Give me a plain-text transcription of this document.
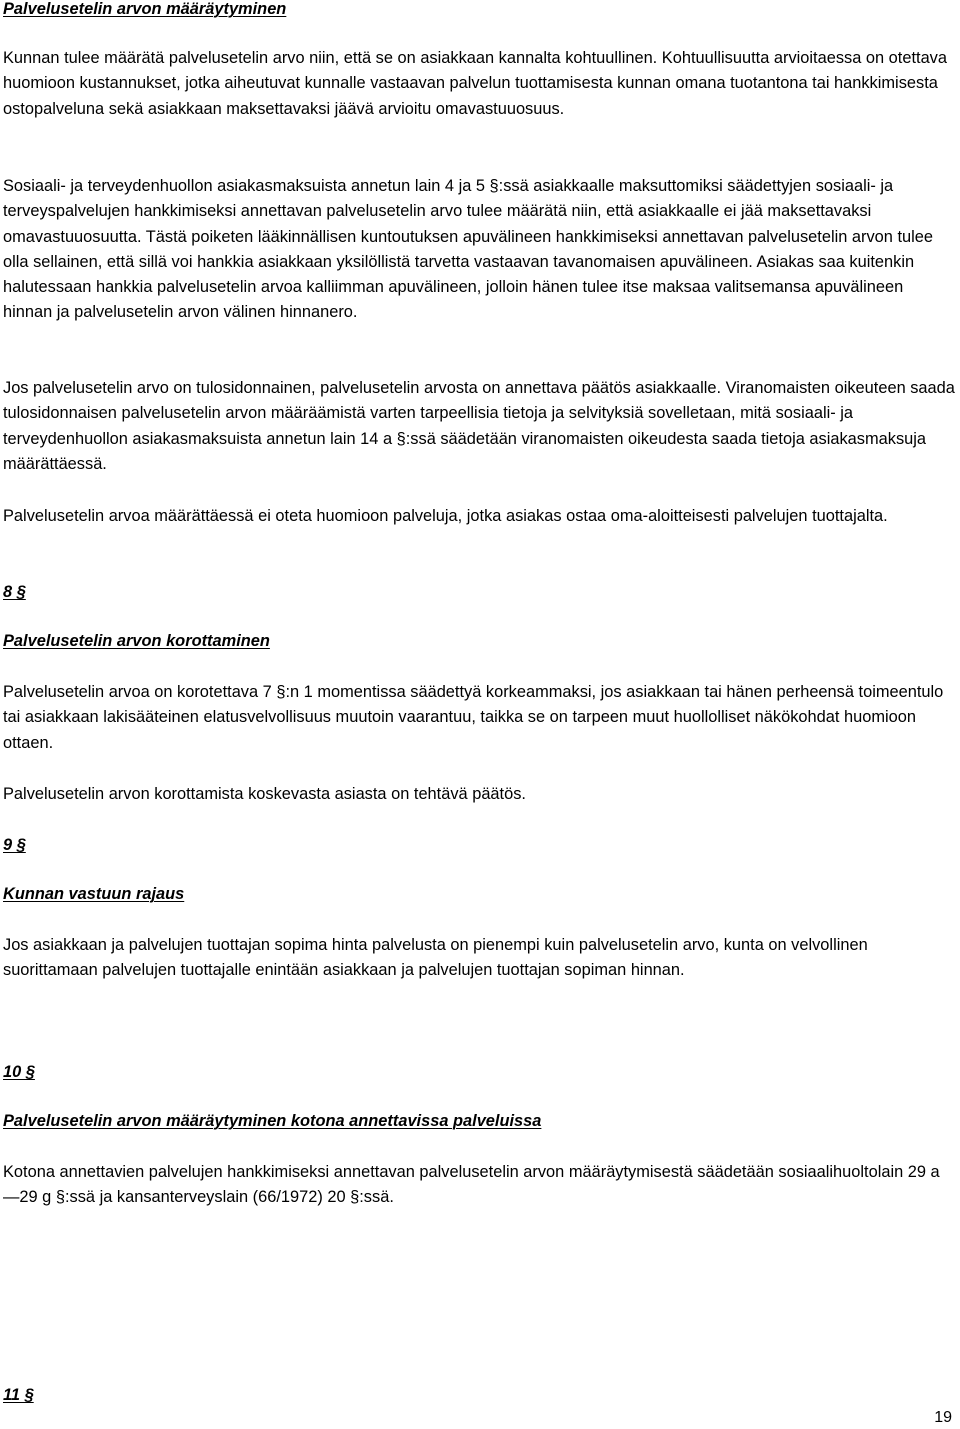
Palvelusetelin arvon määräytyminen

Kunnan tulee määrätä palvelusetelin arvo niin, että se on asiakkaan kannalta kohtuullinen. Kohtuullisuutta arvioitaessa on otettava huomioon kustannukset, jotka aiheutuvat kunnalle vastaavan palvelun tuottamisesta kunnan omana tuotantona tai hankkimisesta ostopalveluna sekä asiakkaan maksettavaksi jäävä arvioitu omavastuuosuus.

Sosiaali- ja terveydenhuollon asiakasmaksuista annetun lain 4 ja 5 §:ssä asiakkaalle maksuttomiksi säädettyjen sosiaali- ja terveyspalvelujen hankkimiseksi annettavan palvelusetelin arvo tulee määrätä niin, että asiakkaalle ei jää maksettavaksi omavastuuosuutta. Tästä poiketen lääkinnällisen kuntoutuksen apuvälineen hankkimiseksi annettavan palvelusetelin arvon tulee olla sellainen, että sillä voi hankkia asiakkaan yksilöllistä tarvetta vastaavan tavanomaisen apuvälineen. Asiakas saa kuitenkin halutessaan hankkia palvelusetelin arvoa kalliimman apuvälineen, jolloin hänen tulee itse maksaa valitsemansa apuvälineen hinnan ja palvelusetelin arvon välinen hinnanero.

Jos palvelusetelin arvo on tulosidonnainen, palvelusetelin arvosta on annettava päätös asiakkaalle. Viranomaisten oikeuteen saada tulosidonnaisen palvelusetelin arvon määräämistä varten tarpeellisia tietoja ja selvityksiä sovelletaan, mitä sosiaali- ja terveydenhuollon asiakasmaksuista annetun lain 14 a §:ssä säädetään viranomaisten oikeudesta saada tietoja asiakasmaksuja määrättäessä.

Palvelusetelin arvoa määrättäessä ei oteta huomioon palveluja, jotka asiakas ostaa oma-aloitteisesti palvelujen tuottajalta.

8 §

Palvelusetelin arvon korottaminen

Palvelusetelin arvoa on korotettava 7 §:n 1 momentissa säädettyä korkeammaksi, jos asiakkaan tai hänen perheensä toimeentulo tai asiakkaan lakisääteinen elatusvelvollisuus muutoin vaarantuu, taikka se on tarpeen muut huollolliset näkökohdat huomioon ottaen.

Palvelusetelin arvon korottamista koskevasta asiasta on tehtävä päätös.

9 §

Kunnan vastuun rajaus

Jos asiakkaan ja palvelujen tuottajan sopima hinta palvelusta on pienempi kuin palvelusetelin arvo, kunta on velvollinen suorittamaan palvelujen tuottajalle enintään asiakkaan ja palvelujen tuottajan sopiman hinnan.

10 §

Palvelusetelin arvon määräytyminen kotona annettavissa palveluissa

Kotona annettavien palvelujen hankkimiseksi annettavan palvelusetelin arvon määräytymisestä säädetään sosiaalihuoltolain 29 a—29 g §:ssä ja kansanterveyslain (66/1972) 20 §:ssä.

11 §

19
